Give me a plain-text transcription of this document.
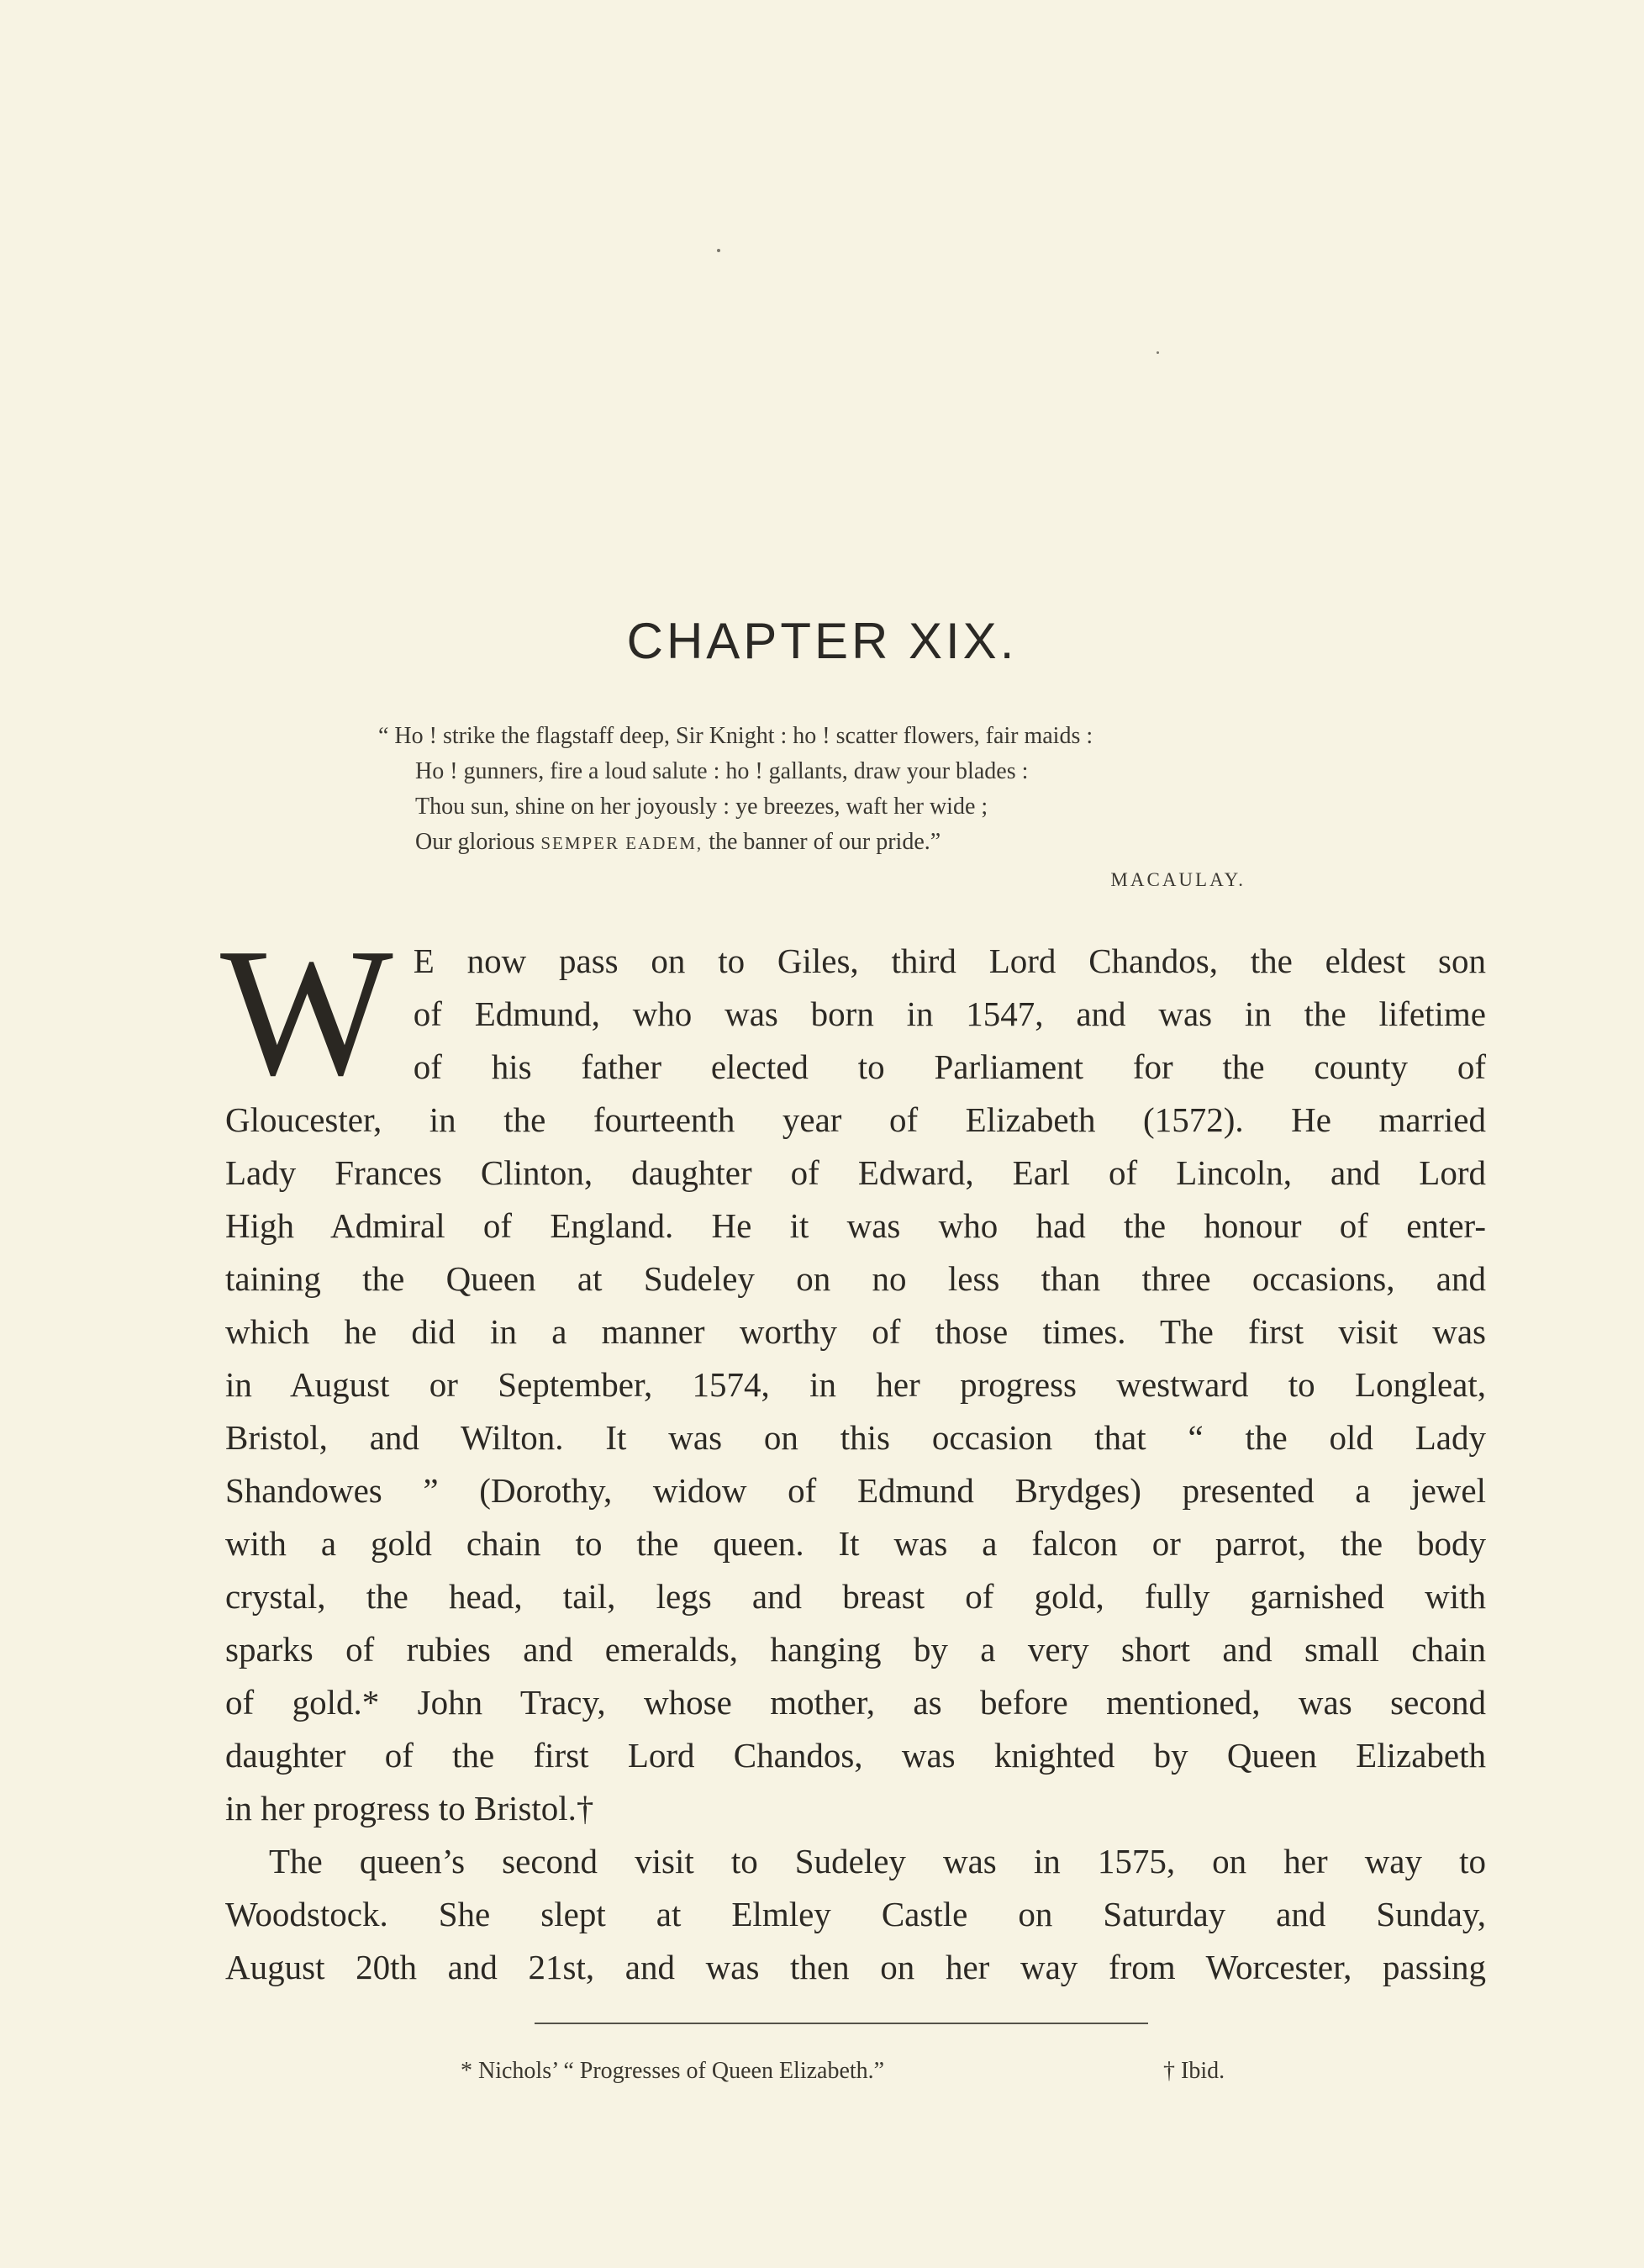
CHAPTER XIX.
“ Ho ! strike the flagstaff deep, Sir Knight : ho ! scatter flowers, fair maids :
Ho ! gunners, fire a loud salute : ho ! gallants, draw your blades :
Thou sun, shine on her joyously : ye breezes, waft her wide ;
Our glorious SEMPER EADEM, the banner of our pride.”
MACAULAY.
W E now pass on to Giles, third Lord Chandos, the eldest son
of Edmund, who was born in 1547, and was in the lifetime
of his father elected to Parliament for the county of
Gloucester, in the fourteenth year of Elizabeth (1572). He married
Lady Frances Clinton, daughter of Edward, Earl of Lincoln, and Lord
High Admiral of England. He it was who had the honour of enter-
taining the Queen at Sudeley on no less than three occasions, and
which he did in a manner worthy of those times. The first visit was
in August or September, 1574, in her progress westward to Longleat,
Bristol, and Wilton. It was on this occasion that “ the old Lady
Shandowes ” (Dorothy, widow of Edmund Brydges) presented a jewel
with a gold chain to the queen. It was a falcon or parrot, the body
crystal, the head, tail, legs and breast of gold, fully garnished with
sparks of rubies and emeralds, hanging by a very short and small chain
of gold.* John Tracy, whose mother, as before mentioned, was second
daughter of the first Lord Chandos, was knighted by Queen Elizabeth
in her progress to Bristol.†
The queen’s second visit to Sudeley was in 1575, on her way to
Woodstock. She slept at Elmley Castle on Saturday and Sunday,
August 20th and 21st, and was then on her way from Worcester, passing
* Nichols’ “ Progresses of Queen Elizabeth.”	† Ibid.
